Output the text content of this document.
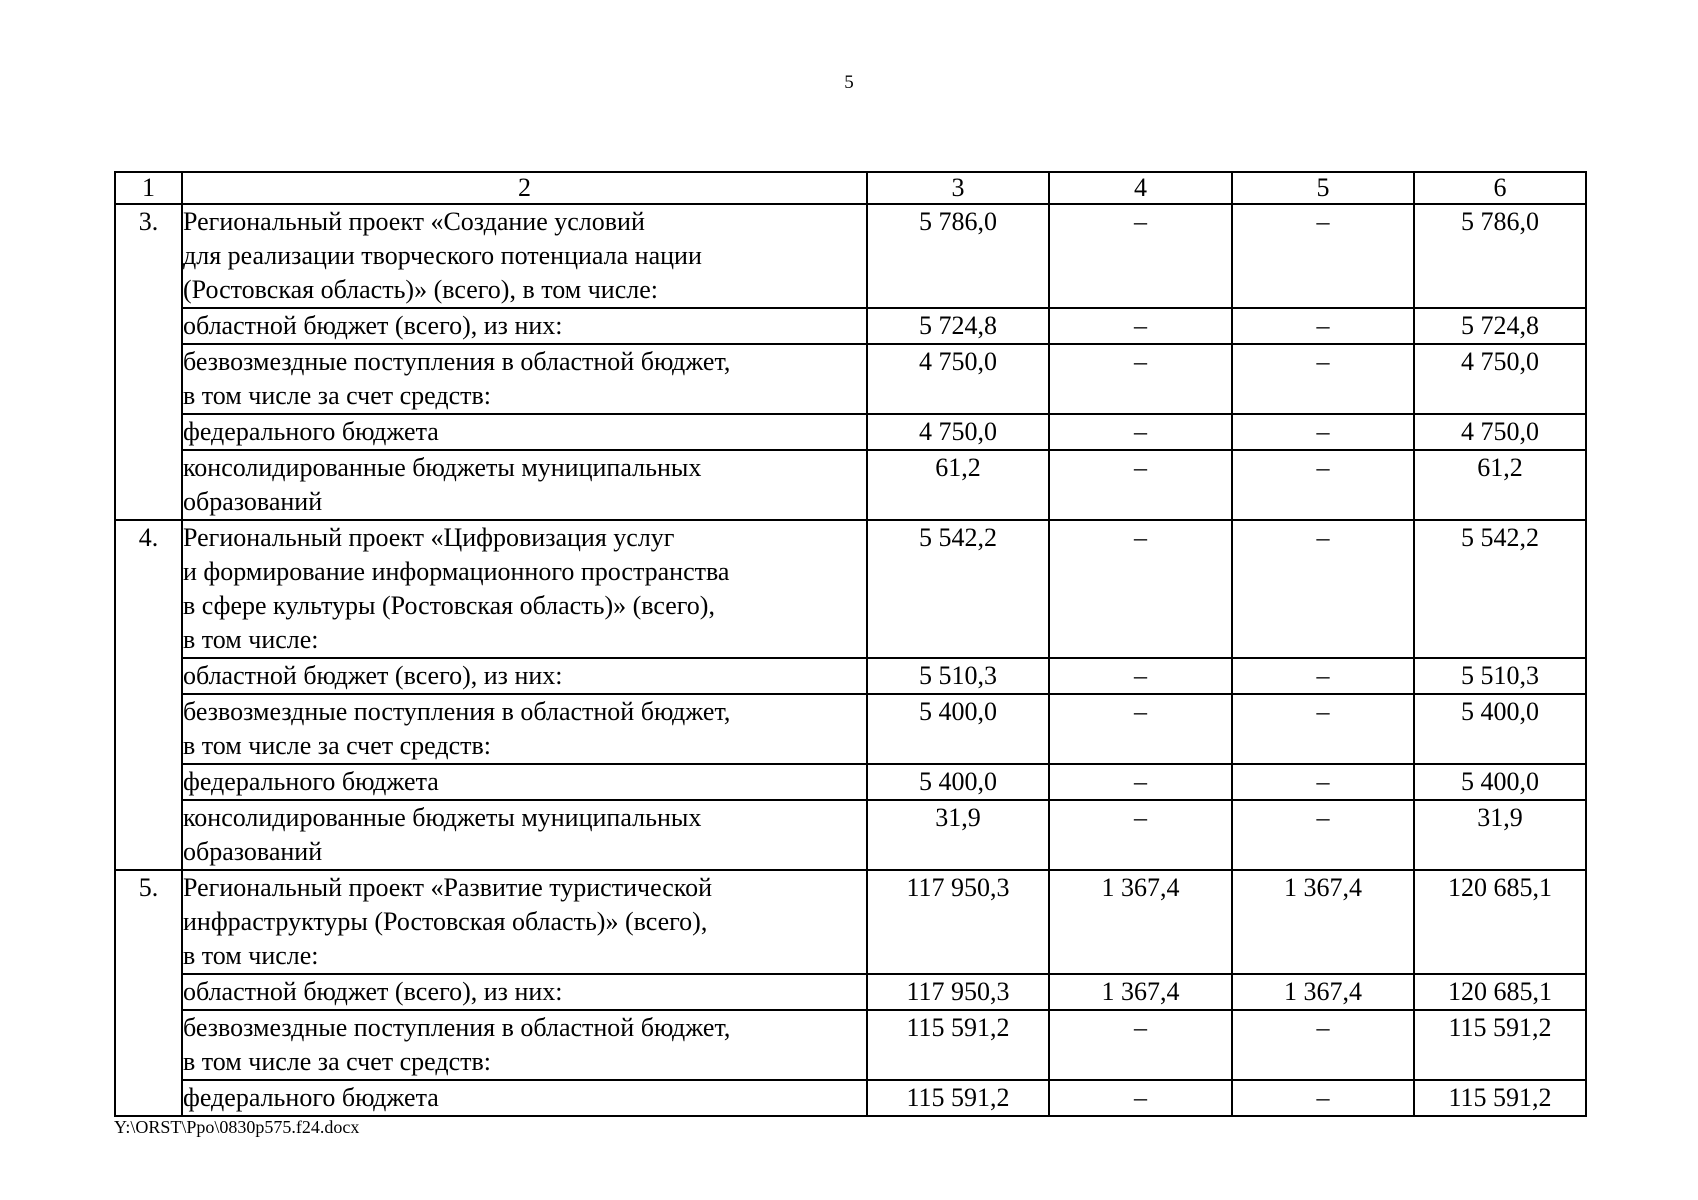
5
1	2	3	4	5	6
3.	Региональный проект «Создание условий
для реализации творческого потенциала нации
(Ростовская область)» (всего), в том числе:	5 786,0	–	–	5 786,0

	областной бюджет (всего), из них:	5 724,8	–	–	5 724,8

	безвозмездные поступления в областной бюджет,
в том числе за счет средств:	4 750,0	–	–	4 750,0

	федерального бюджета	4 750,0	–	–	4 750,0

	консолидированные бюджеты муниципальных
образований	61,2	–	–	61,2
4.	Региональный проект «Цифровизация услуг
и формирование информационного пространства
в сфере культуры (Ростовская область)» (всего),
в том числе:	5 542,2	–	–	5 542,2

	областной бюджет (всего), из них:	5 510,3	–	–	5 510,3

	безвозмездные поступления в областной бюджет,
в том числе за счет средств:	5 400,0	–	–	5 400,0

	федерального бюджета	5 400,0	–	–	5 400,0

	консолидированные бюджеты муниципальных
образований	31,9	–	–	31,9
5.	Региональный проект «Развитие туристической
инфраструктуры (Ростовская область)» (всего),
в том числе:	117 950,3	1 367,4	1 367,4	120 685,1

	областной бюджет (всего), из них:	117 950,3	1 367,4	1 367,4	120 685,1

	безвозмездные поступления в областной бюджет,
в том числе за счет средств:	115 591,2	–	–	115 591,2

	федерального бюджета	115 591,2	–	–	115 591,2
Y:\ORST\Ppo\0830p575.f24.docx
